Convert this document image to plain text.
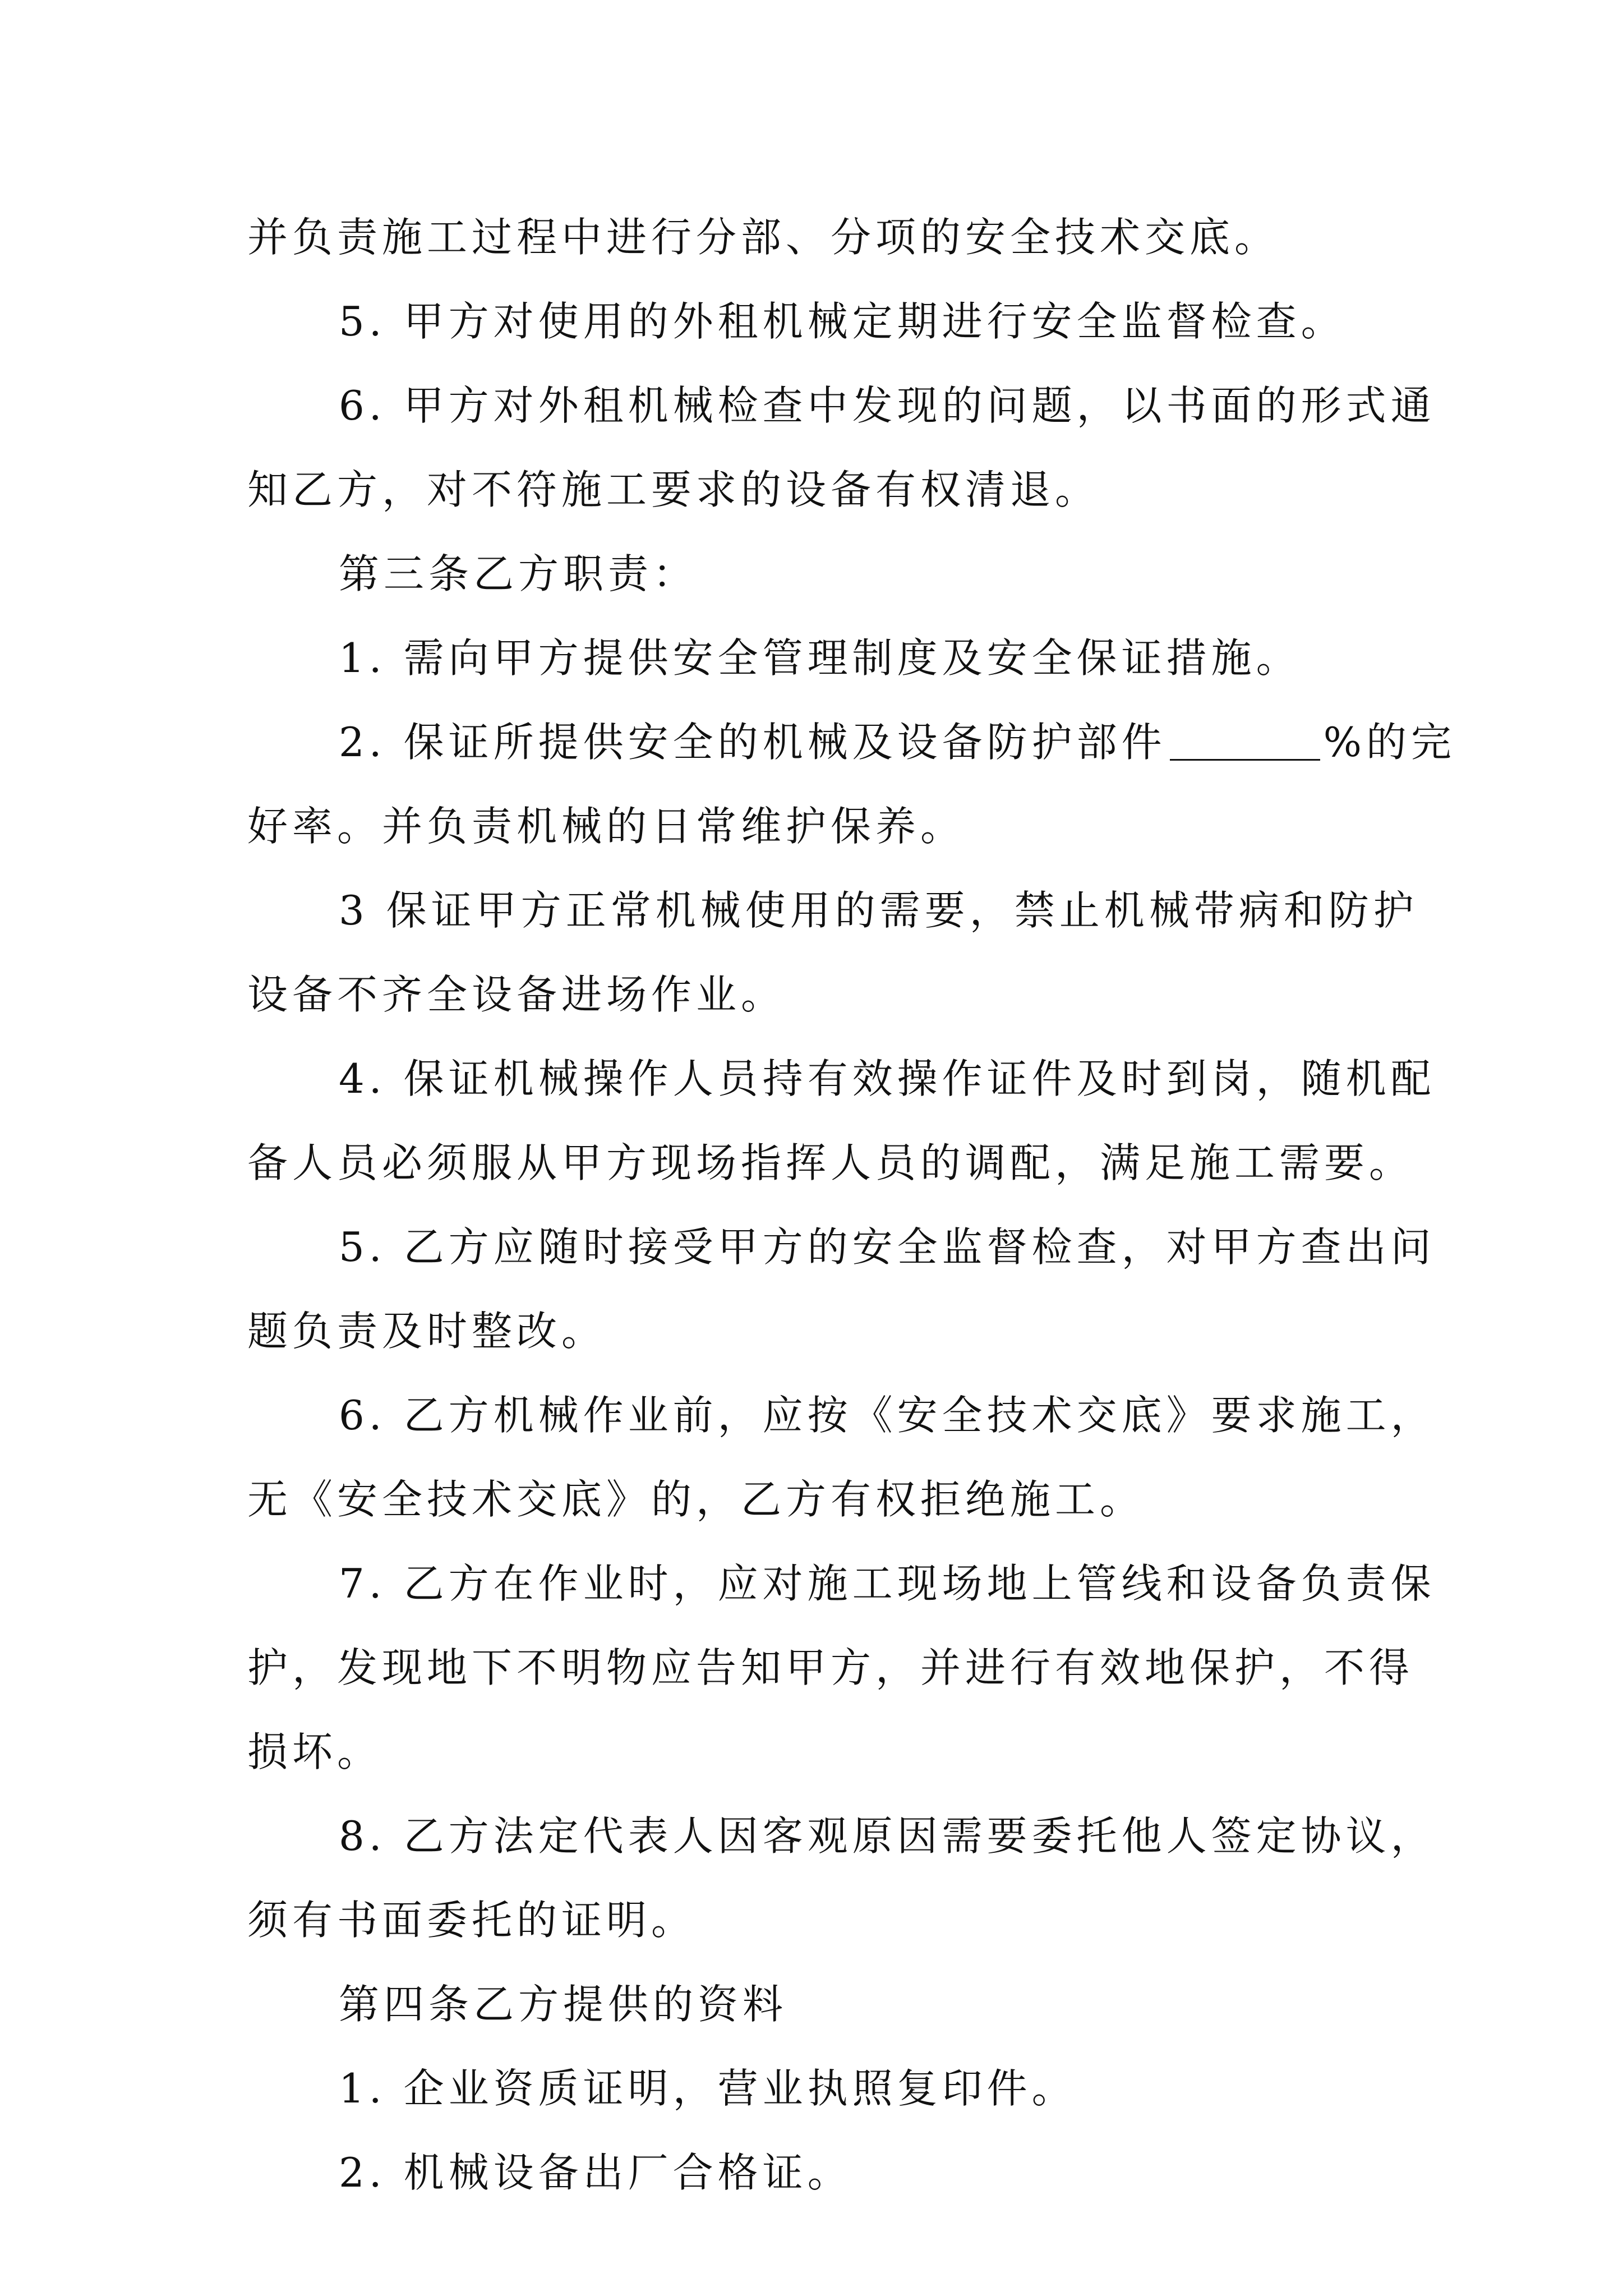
并负责施工过程中进行分部、分项的安全技术交底。
5. 甲方对使用的外租机械定期进行安全监督检查。
6. 甲方对外租机械检查中发现的问题，以书面的形式通
知乙方，对不符施工要求的设备有权清退。
第三条乙方职责：
1. 需向甲方提供安全管理制度及安全保证措施。
2. 保证所提供安全的机械及设备防护部件	%的完
好率。并负责机械的日常维护保养。
3 保证甲方正常机械使用的需要，禁止机械带病和防护
设备不齐全设备进场作业。
4. 保证机械操作人员持有效操作证件及时到岗，随机配
备人员必须服从甲方现场指挥人员的调配，满足施工需要。
5. 乙方应随时接受甲方的安全监督检查，对甲方查出问
题负责及时整改。
6. 乙方机械作业前，应按《安全技术交底》要求施工，
无《安全技术交底》的，乙方有权拒绝施工。
7. 乙方在作业时，应对施工现场地上管线和设备负责保
护，发现地下不明物应告知甲方，并进行有效地保护，不得
损坏。
8. 乙方法定代表人因客观原因需要委托他人签定协议，
须有书面委托的证明。
第四条乙方提供的资料
1. 企业资质证明，营业执照复印件。
2. 机械设备出厂合格证。
